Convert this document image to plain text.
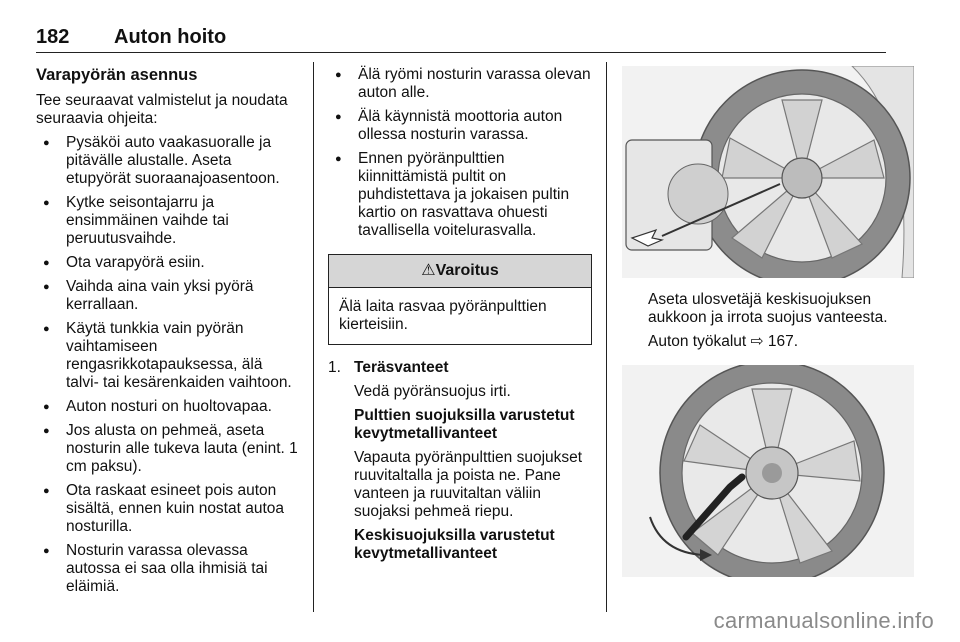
182 Auton hoito
Varapyörän asennus

Tee seuraavat valmistelut ja noudata seuraavia ohjeita:

● Pysäköi auto vaakasuoralle ja pitävälle alustalle. Aseta etupyörät suoraanajoasentoon.
● Kytke seisontajarru ja ensimmäinen vaihde tai peruutusvaihde.
● Ota varapyörä esiin.
● Vaihda aina vain yksi pyörä kerrallaan.
● Käytä tunkkia vain pyörän vaihtamiseen rengasrikkotapauksessa, älä talvi- tai kesärenkaiden vaihtoon.
● Auton nosturi on huoltovapaa.
● Jos alusta on pehmeä, aseta nosturin alle tukeva lauta (enint. 1 cm paksu).
● Ota raskaat esineet pois auton sisältä, ennen kuin nostat autoa nosturilla.
● Nosturin varassa olevassa autossa ei saa olla ihmisiä tai eläimiä.
● Älä ryömi nosturin varassa olevan auton alle.
● Älä käynnistä moottoria auton ollessa nosturin varassa.
● Ennen pyöränpulttien kiinnittämistä pultit on puhdistettava ja jokaisen pultin kartio on rasvattava ohuesti tavallisella voitelurasvalla.
⚠Varoitus
Älä laita rasvaa pyöränpulttien kierteisiin.
1. Teräsvanteet

Vedä pyöränsuojus irti.

Pulttien suojuksilla varustetut kevytmetallivanteet

Vapauta pyöränpulttien suojukset ruuvitaltalla ja poista ne. Pane vanteen ja ruuvitaltan väliin suojaksi pehmeä riepu.

Keskisuojuksilla varustetut kevytmetallivanteet

Aseta ulosvetäjä keskisuojuksen aukkoon ja irrota suojus vanteesta.

Auton työkalut ⇨ 167.

carmanualsonline.info
